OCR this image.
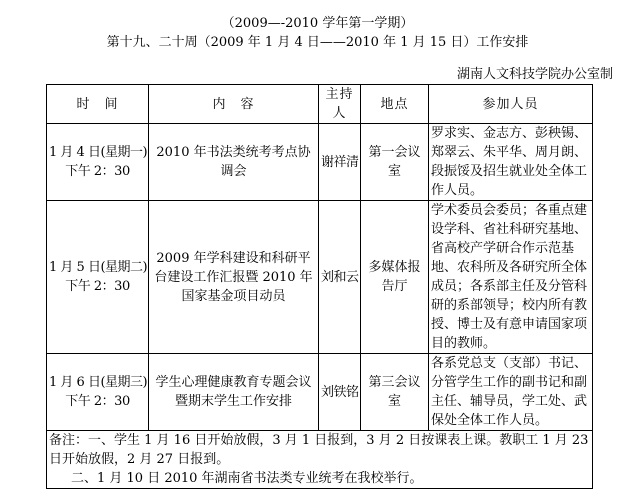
（2009—-2010 学年第一学期）
第十九、二十周（2009 年 1 月 4 日——2010 年 1 月 15 日）工作安排
湖南人文科技学院办公室制
时　间	内　容	主持人	地点	参加人员

1 月 4 日(星期一)
下午 2：30	2010 年书法类统考考点协调会	谢祥清	第一会议室	罗求实、金志方、彭秧锡、郑翠云、朱平华、周月朗、段振馁及招生就业处全体工作人员。

1 月 5 日(星期二)
下午 2：30	2009 年学科建设和科研平台建设工作汇报暨 2010 年国家基金项目动员	刘和云	多媒体报告厅	学术委员会委员；各重点建设学科、省社科研究基地、省高校产学研合作示范基地、农科所及各研究所全体成员；各系部主任及分管科研的系部领导；校内所有教授、博士及有意申请国家项目的教师。

1 月 6 日(星期三)
下午 2：30	学生心理健康教育专题会议暨期末学生工作安排	刘铁铭	第三会议室	各系党总支（支部）书记、分管学生工作的副书记和副主任、辅导员，学工处、武保处全体工作人员。

备注：一、学生 1 月 16 日开始放假，3 月 1 日报到，3 月 2 日按课表上课。教职工 1 月 23 日开始放假，2 月 27 日报到。
二、1 月 10 日 2010 年湖南省书法类专业统考在我校举行。				
